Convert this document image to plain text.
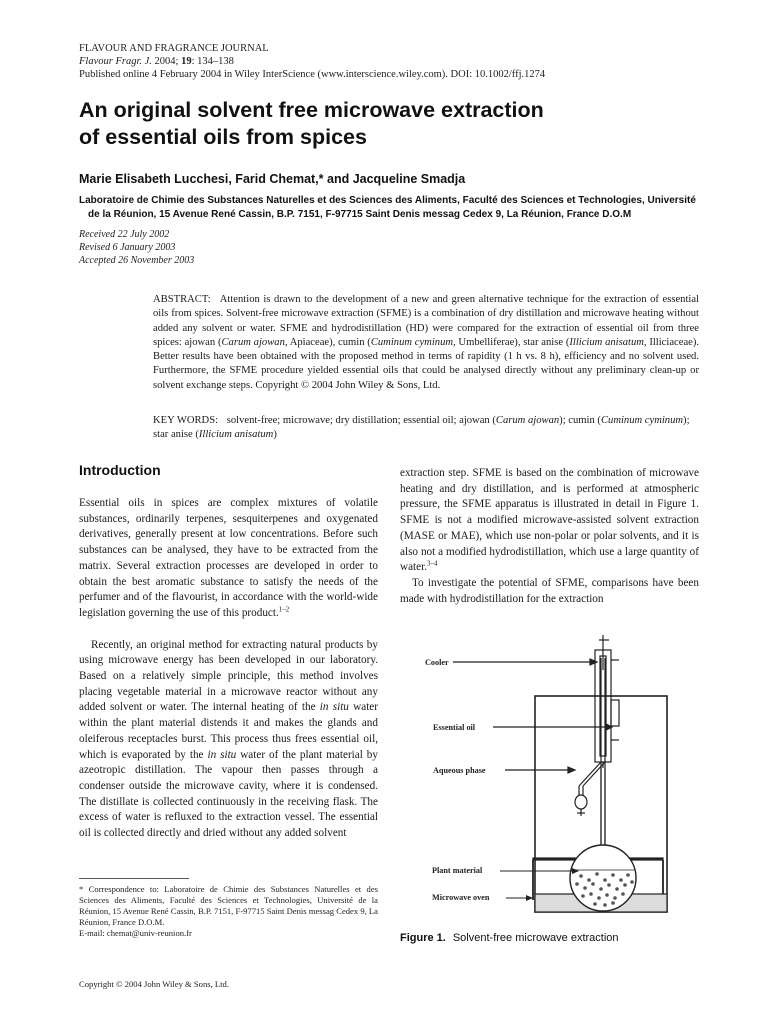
FLAVOUR AND FRAGRANCE JOURNAL
Flavour Fragr. J. 2004; 19: 134–138
Published online 4 February 2004 in Wiley InterScience (www.interscience.wiley.com). DOI: 10.1002/ffj.1274
An original solvent free microwave extraction
of essential oils from spices
Marie Elisabeth Lucchesi, Farid Chemat,* and Jacqueline Smadja
Laboratoire de Chimie des Substances Naturelles et des Sciences des Aliments, Faculté des Sciences et Technologies, Université
de la Réunion, 15 Avenue René Cassin, B.P. 7151, F-97715 Saint Denis messag Cedex 9, La Réunion, France D.O.M
Received 22 July 2002
Revised 6 January 2003
Accepted 26 November 2003
ABSTRACT: Attention is drawn to the development of a new and green alternative technique for the extraction of essential oils from spices. Solvent-free microwave extraction (SFME) is a combination of dry distillation and microwave heating without added any solvent or water. SFME and hydrodistillation (HD) were compared for the extraction of essential oil from three spices: ajowan (Carum ajowan, Apiaceae), cumin (Cuminum cyminum, Umbelliferae), star anise (Illicium anisatum, Illiciaceae). Better results have been obtained with the proposed method in terms of rapidity (1 h vs. 8 h), efficiency and no solvent used. Furthermore, the SFME procedure yielded essential oils that could be analysed directly without any preliminary clean-up or solvent exchange steps. Copyright © 2004 John Wiley & Sons, Ltd.
KEY WORDS: solvent-free; microwave; dry distillation; essential oil; ajowan (Carum ajowan); cumin (Cuminum cyminum); star anise (Illicium anisatum)
Introduction

Essential oils in spices are complex mixtures of volatile substances, ordinarily terpenes, sesquiterpenes and oxygenated derivatives, generally present at low concentrations. Before such substances can be analysed, they have to be extracted from the matrix. Several extraction processes are developed in order to obtain the best aromatic substance to satisfy the needs of the perfumer and of the flavourist, in accordance with the world-wide legislation governing the use of this product.$^{1-2}$

Recently, an original method for extracting natural products by using microwave energy has been developed in our laboratory. Based on a relatively simple principle, this method involves placing vegetable material in a microwave reactor without any added solvent or water. The internal heating of the in situ water within the plant material distends it and makes the glands and oleiferous receptacles burst. This process thus frees essential oil, which is evaporated by the in situ water of the plant material by azeotropic distillation. The vapour then passes through a condenser outside the microwave cavity, where it is condensed. The distillate is collected continuously in the receiving flask. The excess of water is refluxed to the extraction vessel. The essential oil is collected directly and dried without any added solvent

extraction step. SFME is based on the combination of microwave heating and dry distillation, and is performed at atmospheric pressure, the SFME apparatus is illustrated in detail in Figure 1. SFME is not a modified microwave-assisted solvent extraction (MASE or MAE), which use non-polar or polar solvents, and it is also not a modified hydrodistillation, which use a large quantity of water.$^{3-4}$

To investigate the potential of SFME, comparisons have been made with hydrodistillation for the extraction

Cooler
Essential oil
Aqueous phase
Plant material
Microwave oven
Figure 1. Solvent-free microwave extraction
* Correspondence to: Laboratoire de Chimie des Substances Naturelles et des Sciences des Aliments, Faculté des Sciences et Technologies, Université de la Réunion, 15 Avenue René Cassin, B.P. 7151, F-97715 Saint Denis messag Cedex 9, La Réunion, France D.O.M.
E-mail: chemat@univ-reunion.fr
Copyright © 2004 John Wiley & Sons, Ltd.
